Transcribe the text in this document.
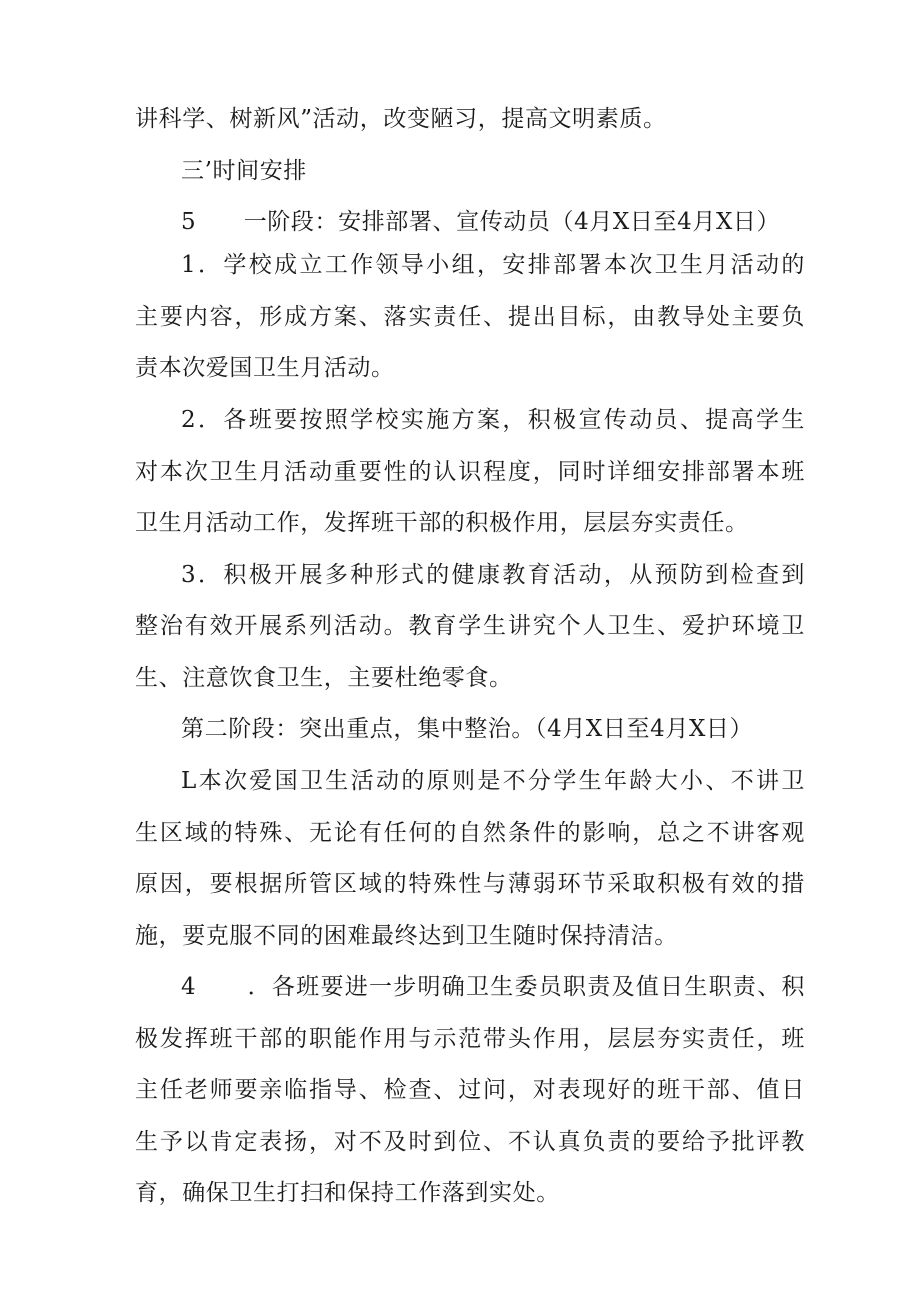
讲科学、树新风”活动，改变陋习，提高文明素质。
三’时间安排
5      一阶段：安排部署、宣传动员（4月X日至4月X日）
1．学校成立工作领导小组，安排部署本次卫生月活动的
主要内容，形成方案、落实责任、提出目标，由教导处主要负
责本次爱国卫生月活动。
2．各班要按照学校实施方案，积极宣传动员、提高学生
对本次卫生月活动重要性的认识程度，同时详细安排部署本班
卫生月活动工作，发挥班干部的积极作用，层层夯实责任。
3．积极开展多种形式的健康教育活动，从预防到检查到
整治有效开展系列活动。教育学生讲究个人卫生、爱护环境卫
生、注意饮食卫生，主要杜绝零食。
第二阶段：突出重点，集中整治。（4月X日至4月X日）
L本次爱国卫生活动的原则是不分学生年龄大小、不讲卫
生区域的特殊、无论有任何的自然条件的影响，总之不讲客观
原因，要根据所管区域的特殊性与薄弱环节采取积极有效的措
施，要克服不同的困难最终达到卫生随时保持清洁。
4      ．各班要进一步明确卫生委员职责及值日生职责、积
极发挥班干部的职能作用与示范带头作用，层层夯实责任，班
主任老师要亲临指导、检查、过问，对表现好的班干部、值日
生予以肯定表扬，对不及时到位、不认真负责的要给予批评教
育，确保卫生打扫和保持工作落到实处。
